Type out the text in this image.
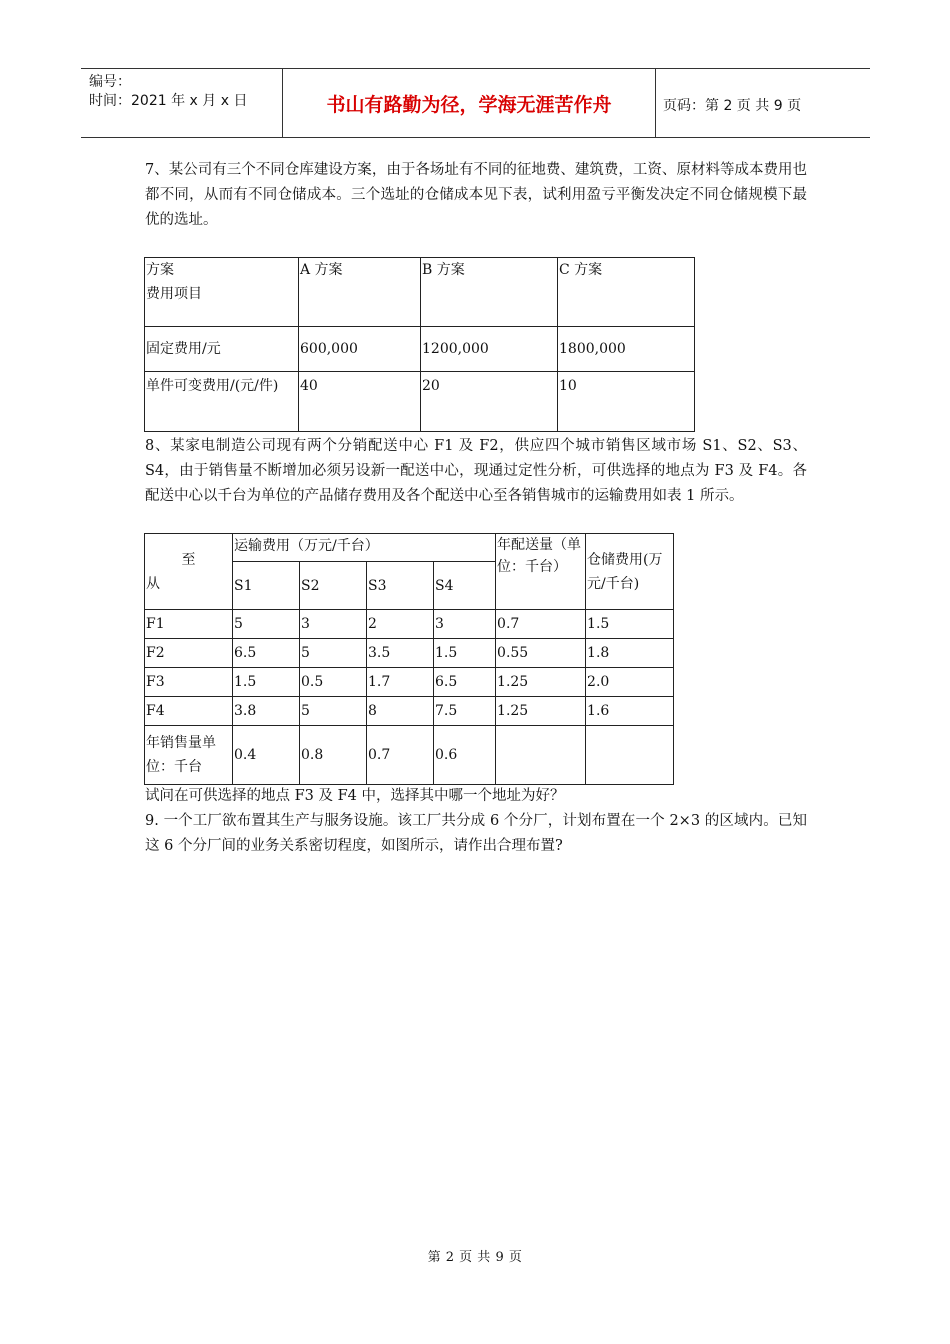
编号：
时间：2021 年 x 月 x 日	书山有路勤为径，学海无涯苦作舟	页码：第 2 页 共 9 页

7、某公司有三个不同仓库建设方案，由于各场址有不同的征地费、建筑费，工资、原材料等成本费用也都不同，从而有不同仓储成本。三个选址的仓储成本见下表，试利用盈亏平衡发决定不同仓储规模下最优的选址。

方案
费用项目	A 方案	B 方案	C 方案
固定费用/元	600,000	1200,000	1800,000
单件可变费用/(元/件)	40	20	10

8、某家电制造公司现有两个分销配送中心 F1 及 F2，供应四个城市销售区域市场 S1、S2、S3、S4，由于销售量不断增加必须另设新一配送中心，现通过定性分析，可供选择的地点为 F3 及 F4。各配送中心以千台为单位的产品储存费用及各个配送中心至各销售城市的运输费用如表 1 所示。

至
从	运输费用（万元/千台）				年配送量（单位：千台）	仓储费用(万元/千台)
	S1	S2	S3	S4		
F1	5	3	2	3	0.7	1.5
F2	6.5	5	3.5	1.5	0.55	1.8
F3	1.5	0.5	1.7	6.5	1.25	2.0
F4	3.8	5	8	7.5	1.25	1.6
年销售量单位：千台	0.4	0.8	0.7	0.6		

试问在可供选择的地点 F3 及 F4 中，选择其中哪一个地址为好？

9. 一个工厂欲布置其生产与服务设施。该工厂共分成 6 个分厂，计划布置在一个 2×3 的区域内。已知这 6 个分厂间的业务关系密切程度，如图所示，请作出合理布置?

第 2 页 共 9 页
